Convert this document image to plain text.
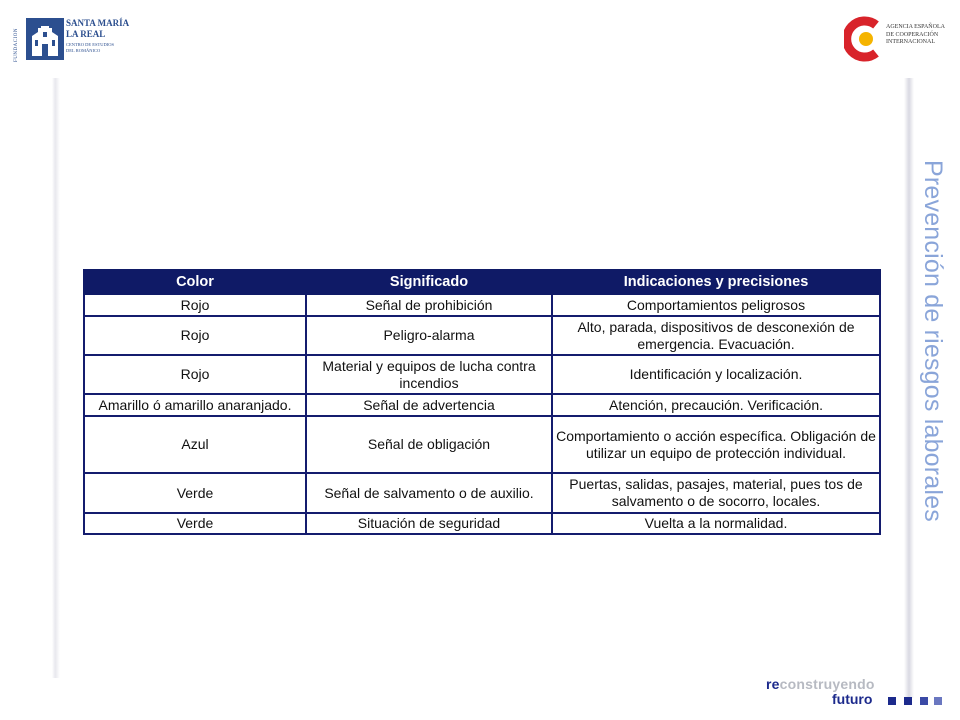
FUNDACIÓN
SANTA MARÍA
LA REAL
CENTRO DE ESTUDIOS DEL ROMÁNICO
AGENCIA ESPAÑOLA DE COOPERACIÓN INTERNACIONAL
Prevención de riesgos laborales
Color	Significado	Indicaciones y precisiones
Rojo	Señal de prohibición	Comportamientos peligrosos
Rojo	Peligro-alarma	Alto, parada, dispositivos de desconexión de emergencia. Evacuación.
Rojo	Material y equipos de lucha contra incendios	Identificación y localización.
Amarillo ó amarillo anaranjado.	Señal de advertencia	Atención, precaución. Verificación.
Azul	Señal de obligación	Comportamiento o acción específica. Obligación de utilizar un equipo de protección individual.
Verde	Señal de salvamento o de auxilio.	Puertas, salidas, pasajes, material, pues tos de salvamento o de socorro, locales.
Verde	Situación de seguridad	Vuelta a la normalidad.
reconstruyendo
futuro
